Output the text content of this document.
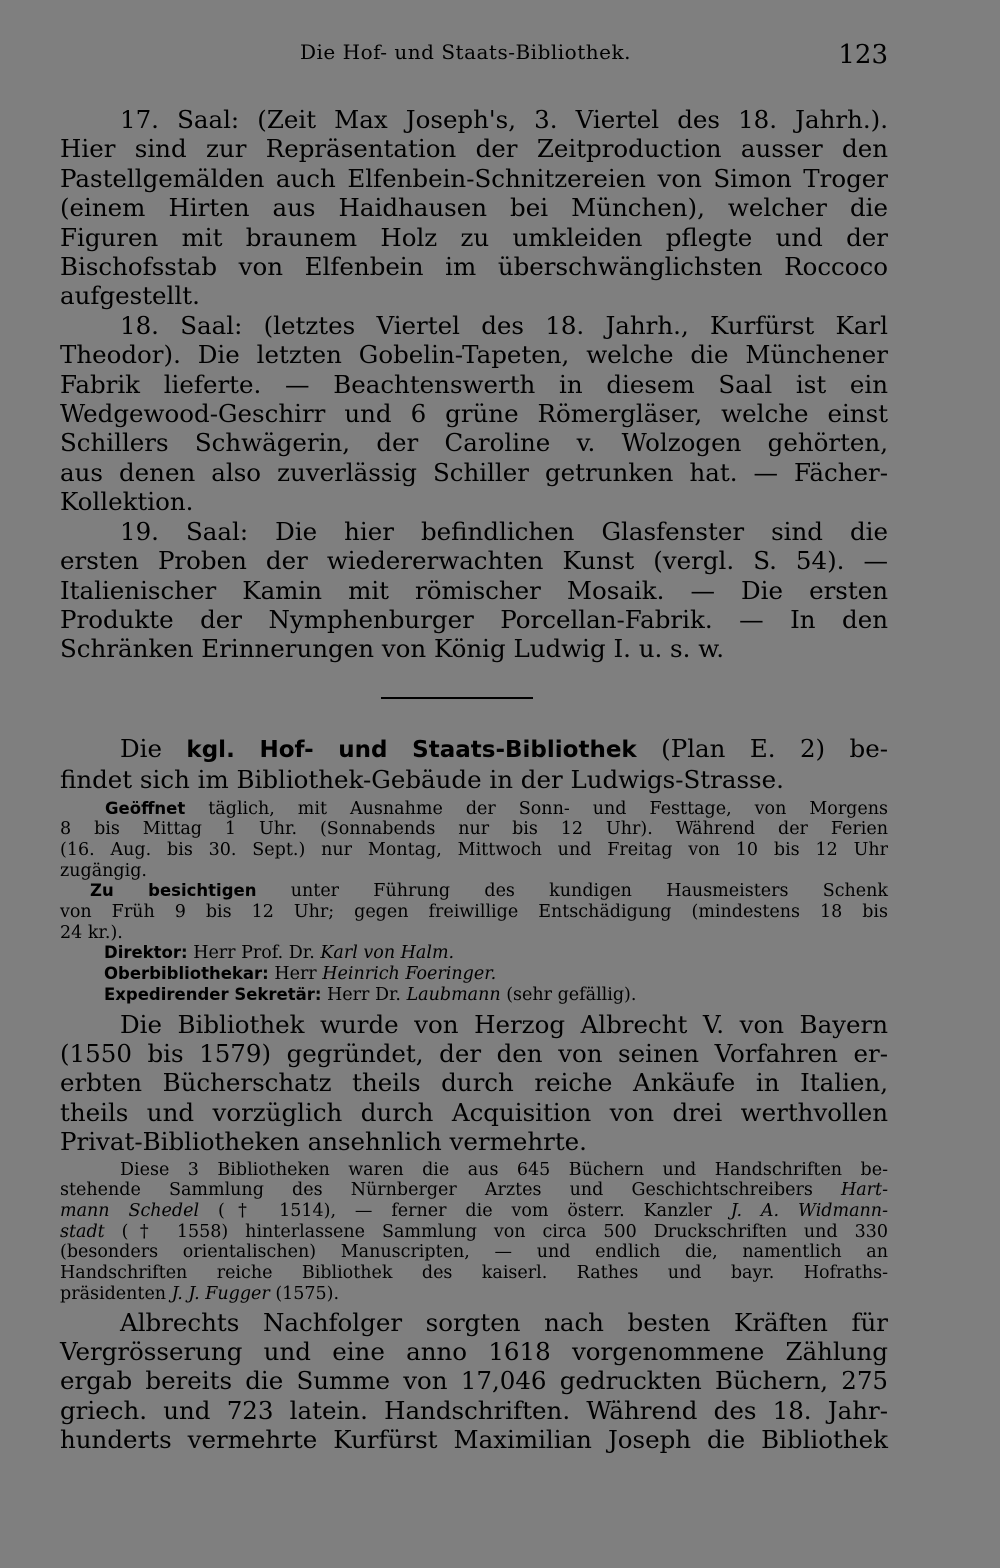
Die Hof- und Staats-Bibliothek.	123
17. Saal: (Zeit Max Joseph's, 3. Viertel des 18. Jahrh.).
Hier sind zur Repräsentation der Zeitproduction ausser den
Pastellgemälden auch Elfenbein-Schnitzereien von Simon Troger
(einem Hirten aus Haidhausen bei München), welcher die
Figuren mit braunem Holz zu umkleiden pflegte und der
Bischofsstab von Elfenbein im überschwänglichsten Roccoco
aufgestellt.
18. Saal: (letztes Viertel des 18. Jahrh., Kurfürst Karl
Theodor). Die letzten Gobelin-Tapeten, welche die Münchener
Fabrik lieferte. — Beachtenswerth in diesem Saal ist ein
Wedgewood-Geschirr und 6 grüne Römergläser, welche einst
Schillers Schwägerin, der Caroline v. Wolzogen gehörten,
aus denen also zuverlässig Schiller getrunken hat. — Fächer-
Kollektion.
19. Saal: Die hier befindlichen Glasfenster sind die
ersten Proben der wiedererwachten Kunst (vergl. S. 54). —
Italienischer Kamin mit römischer Mosaik. — Die ersten
Produkte der Nymphenburger Porcellan-Fabrik. — In den
Schränken Erinnerungen von König Ludwig I. u. s. w.
Die kgl. Hof- und Staats-Bibliothek (Plan E. 2) be-
findet sich im Bibliothek-Gebäude in der Ludwigs-Strasse.
Geöffnet täglich, mit Ausnahme der Sonn- und Festtage, von Morgens
8 bis Mittag 1 Uhr. (Sonnabends nur bis 12 Uhr). Während der Ferien
(16. Aug. bis 30. Sept.) nur Montag, Mittwoch und Freitag von 10 bis 12 Uhr
zugängig.
Zu besichtigen unter Führung des kundigen Hausmeisters Schenk
von Früh 9 bis 12 Uhr; gegen freiwillige Entschädigung (mindestens 18 bis
24 kr.).
Direktor: Herr Prof. Dr. Karl von Halm.
Oberbibliothekar: Herr Heinrich Foeringer.
Expedirender Sekretär: Herr Dr. Laubmann (sehr gefällig).
Die Bibliothek wurde von Herzog Albrecht V. von Bayern
(1550 bis 1579) gegründet, der den von seinen Vorfahren er-
erbten Bücherschatz theils durch reiche Ankäufe in Italien,
theils und vorzüglich durch Acquisition von drei werthvollen
Privat-Bibliotheken ansehnlich vermehrte.
Diese 3 Bibliotheken waren die aus 645 Büchern und Handschriften be-
stehende Sammlung des Nürnberger Arztes und Geschichtschreibers Hart-
mann Schedel († 1514), — ferner die vom österr. Kanzler J. A. Widmann-
stadt († 1558) hinterlassene Sammlung von circa 500 Druckschriften und 330
(besonders orientalischen) Manuscripten, — und endlich die, namentlich an
Handschriften reiche Bibliothek des kaiserl. Rathes und bayr. Hofraths-
präsidenten J. J. Fugger (1575).
Albrechts Nachfolger sorgten nach besten Kräften für
Vergrösserung und eine anno 1618 vorgenommene Zählung
ergab bereits die Summe von 17,046 gedruckten Büchern, 275
griech. und 723 latein. Handschriften. Während des 18. Jahr-
hunderts vermehrte Kurfürst Maximilian Joseph die Bibliothek
